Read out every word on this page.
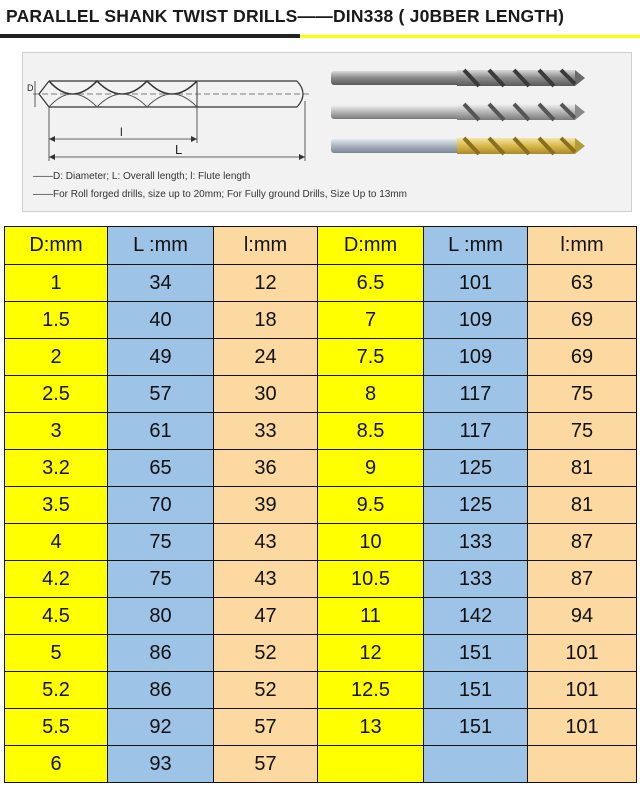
PARALLEL SHANK TWIST DRILLS——DIN338 ( J0BBER LENGTH)
D
l
L
——D: Diameter; L: Overall length; l: Flute length
——For Roll forged drills, size up to 20mm; For Fully ground Drills, Size Up to 13mm
D:mm	L :mm	l:mm	D:mm	L :mm	l:mm
1	34	12	6.5	101	63
1.5	40	18	7	109	69
2	49	24	7.5	109	69
2.5	57	30	8	117	75
3	61	33	8.5	117	75
3.2	65	36	9	125	81
3.5	70	39	9.5	125	81
4	75	43	10	133	87
4.2	75	43	10.5	133	87
4.5	80	47	11	142	94
5	86	52	12	151	101
5.2	86	52	12.5	151	101
5.5	92	57	13	151	101
6	93	57			
